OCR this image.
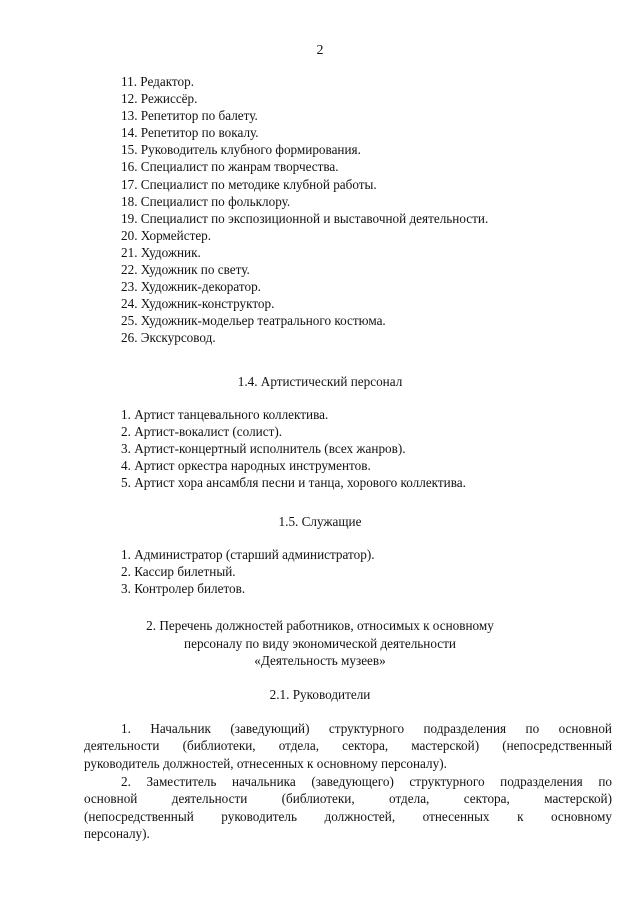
2
11. Редактор.
12. Режиссёр.
13. Репетитор по балету.
14. Репетитор по вокалу.
15. Руководитель клубного формирования.
16. Специалист по жанрам творчества.
17. Специалист по методике клубной работы.
18. Специалист по фольклору.
19. Специалист по экспозиционной и выставочной деятельности.
20. Хормейстер.
21. Художник.
22. Художник по свету.
23. Художник-декоратор.
24. Художник-конструктор.
25. Художник-модельер театрального костюма.
26. Экскурсовод.
1.4. Артистический персонал
1. Артист танцевального коллектива.
2. Артист-вокалист (солист).
3. Артист-концертный исполнитель (всех жанров).
4. Артист оркестра народных инструментов.
5. Артист хора ансамбля песни и танца, хорового коллектива.
1.5. Служащие
1. Администратор (старший администратор).
2. Кассир билетный.
3. Контролер билетов.
2. Перечень должностей работников, относимых к основному
персоналу по виду экономической деятельности
«Деятельность музеев»
2.1. Руководители

1. Начальник (заведующий) структурного подразделения по основной

деятельности (библиотеки, отдела, сектора, мастерской) (непосредственный

руководитель должностей, отнесенных к основному персоналу).

2. Заместитель начальника (заведующего) структурного подразделения по

основной деятельности (библиотеки, отдела, сектора, мастерской)

(непосредственный руководитель должностей, отнесенных к основному

персоналу).
